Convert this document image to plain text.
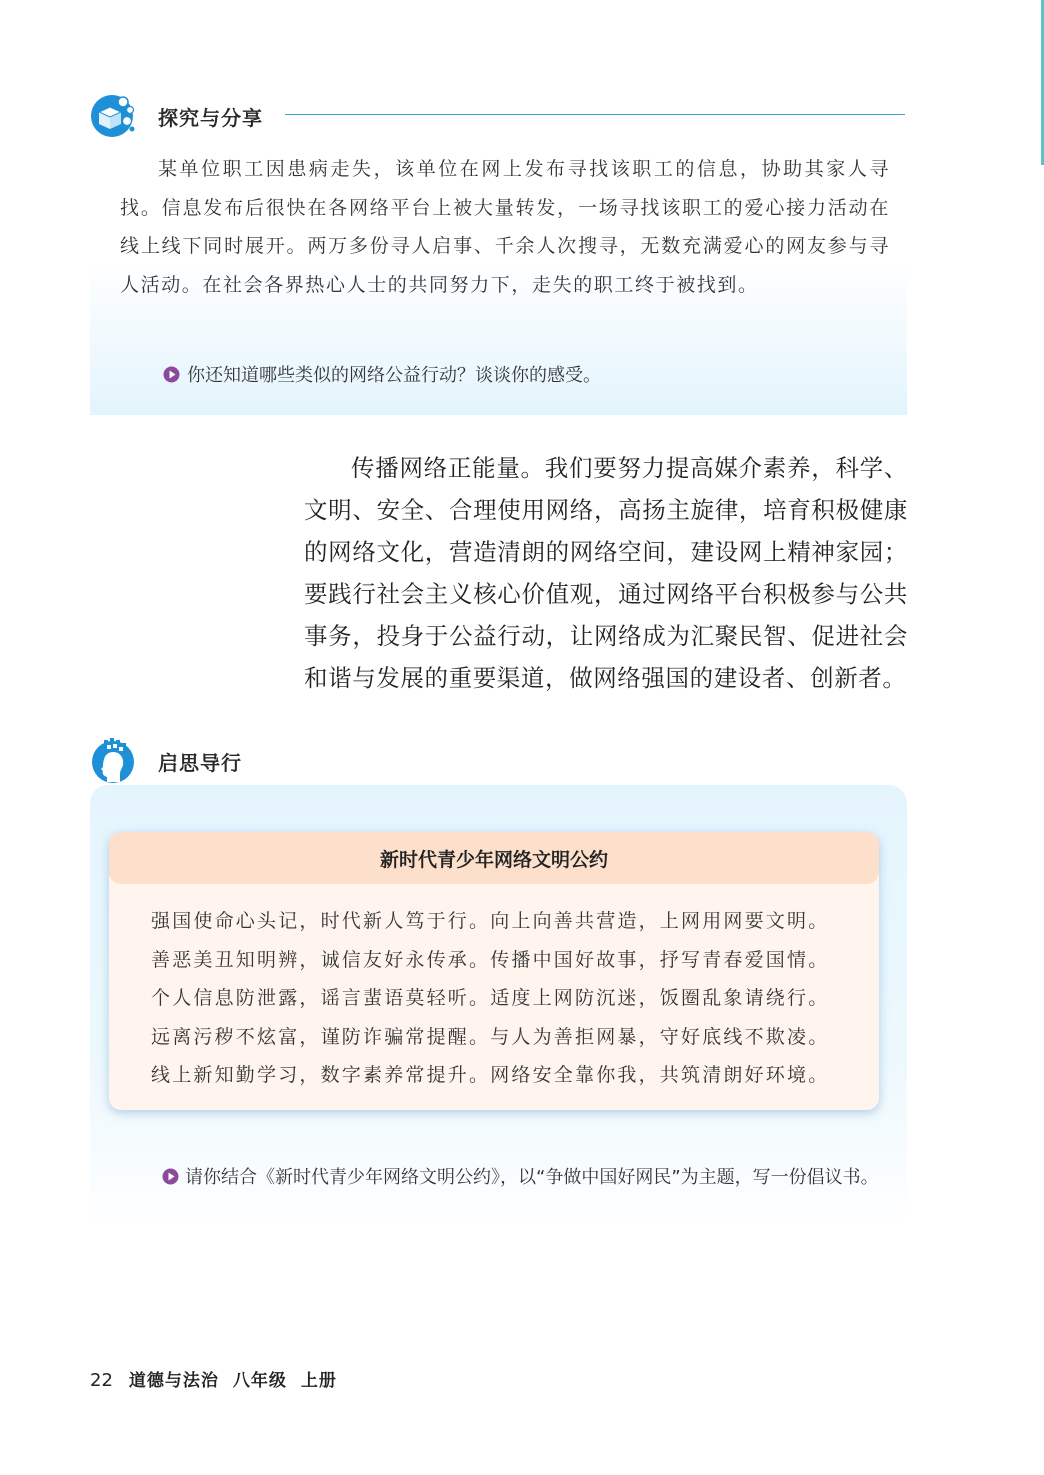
探究与分享

某单位职工因患病走失，该单位在网上发布寻找该职工的信息，协助其家人寻找。信息发布后很快在各网络平台上被大量转发，一场寻找该职工的爱心接力活动在线上线下同时展开。两万多份寻人启事、千余人次搜寻，无数充满爱心的网友参与寻人活动。在社会各界热心人士的共同努力下，走失的职工终于被找到。

你还知道哪些类似的网络公益行动？谈谈你的感受。

传播网络正能量。我们要努力提高媒介素养，科学、文明、安全、合理使用网络，高扬主旋律，培育积极健康的网络文化，营造清朗的网络空间，建设网上精神家园；要践行社会主义核心价值观，通过网络平台积极参与公共事务，投身于公益行动，让网络成为汇聚民智、促进社会和谐与发展的重要渠道，做网络强国的建设者、创新者。

启思导行
新时代青少年网络文明公约
强国使命心头记，时代新人笃于行。向上向善共营造，上网用网要文明。
善恶美丑知明辨，诚信友好永传承。传播中国好故事，抒写青春爱国情。
个人信息防泄露，谣言蜚语莫轻听。适度上网防沉迷，饭圈乱象请绕行。
远离污秽不炫富，谨防诈骗常提醒。与人为善拒网暴，守好底线不欺凌。
线上新知勤学习，数字素养常提升。网络安全靠你我，共筑清朗好环境。

请你结合《新时代青少年网络文明公约》，以“争做中国好网民”为主题，写一份倡议书。

22 道德与法治 八年级 上册
